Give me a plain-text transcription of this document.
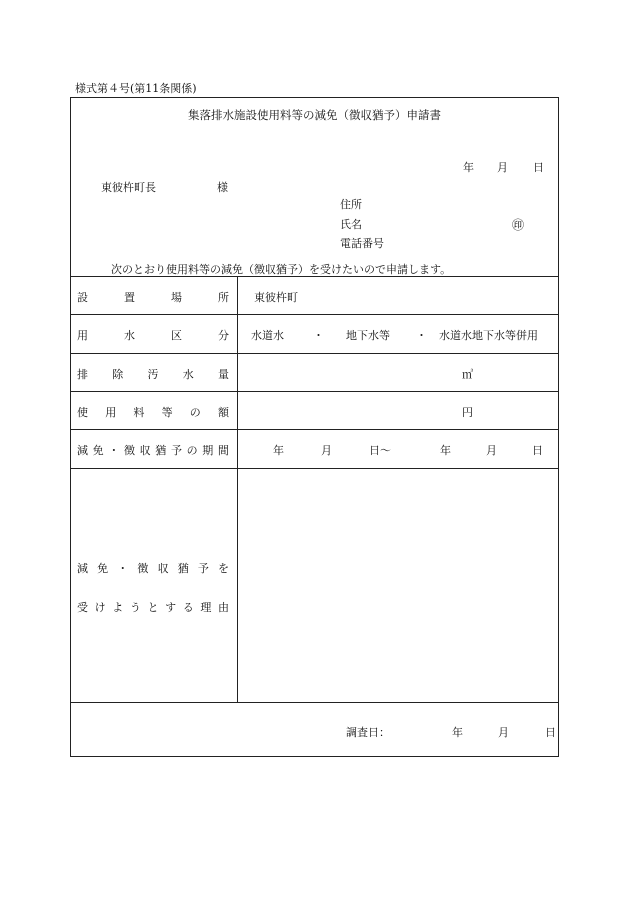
様式第４号(第11条関係)
集落排水施設使用料等の減免（徴収猶予）申請書
年 月 日
東彼杵町長	様
住所
氏名	㊞
電話番号
次のとおり使用料等の減免（徴収猶予）を受けたいので申請します。
設	置	場	所 東彼杵町
用	水	区	分 水道水	・ 地下水等 ・ 水道水地下水等併用
排 除 汚 水 量	㎥
使 用 料 等 の 額	円
減 免 ・ 徴 収 猶 予 の 期 間	年	月	日～	年	月	日
減 免 ・ 徴 収 猶 予 を
受 け よ う と す る 理 由
調査日：	年	月	日
